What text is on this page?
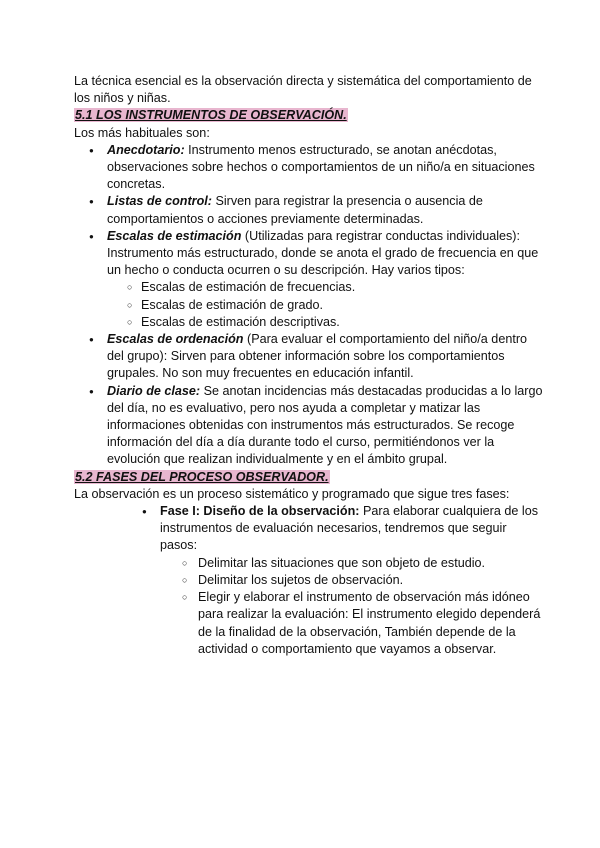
La técnica esencial es la observación directa y sistemática del comportamiento de los niños y niñas.

5.1 LOS INSTRUMENTOS DE OBSERVACIÓN.

Los más habituales son:

● Anecdotario: Instrumento menos estructurado, se anotan anécdotas, observaciones sobre hechos o comportamientos de un niño/a en situaciones concretas.
● Listas de control: Sirven para registrar la presencia o ausencia de comportamientos o acciones previamente determinadas.
● Escalas de estimación (Utilizadas para registrar conductas individuales): Instrumento más estructurado, donde se anota el grado de frecuencia en que un hecho o conducta ocurren o su descripción. Hay varios tipos:
○ Escalas de estimación de frecuencias.
○ Escalas de estimación de grado.
○ Escalas de estimación descriptivas.
● Escalas de ordenación (Para evaluar el comportamiento del niño/a dentro del grupo): Sirven para obtener información sobre los comportamientos grupales. No son muy frecuentes en educación infantil.
● Diario de clase: Se anotan incidencias más destacadas producidas a lo largo del día, no es evaluativo, pero nos ayuda a completar y matizar las informaciones obtenidas con instrumentos más estructurados. Se recoge información del día a día durante todo el curso, permitiéndonos ver la evolución que realizan individualmente y en el ámbito grupal.

5.2 FASES DEL PROCESO OBSERVADOR.

La observación es un proceso sistemático y programado que sigue tres fases:

● Fase I: Diseño de la observación: Para elaborar cualquiera de los instrumentos de evaluación necesarios, tendremos que seguir pasos:
○ Delimitar las situaciones que son objeto de estudio.
○ Delimitar los sujetos de observación.
○ Elegir y elaborar el instrumento de observación más idóneo para realizar la evaluación: El instrumento elegido dependerá de la finalidad de la observación, También depende de la actividad o comportamiento que vayamos a observar.
